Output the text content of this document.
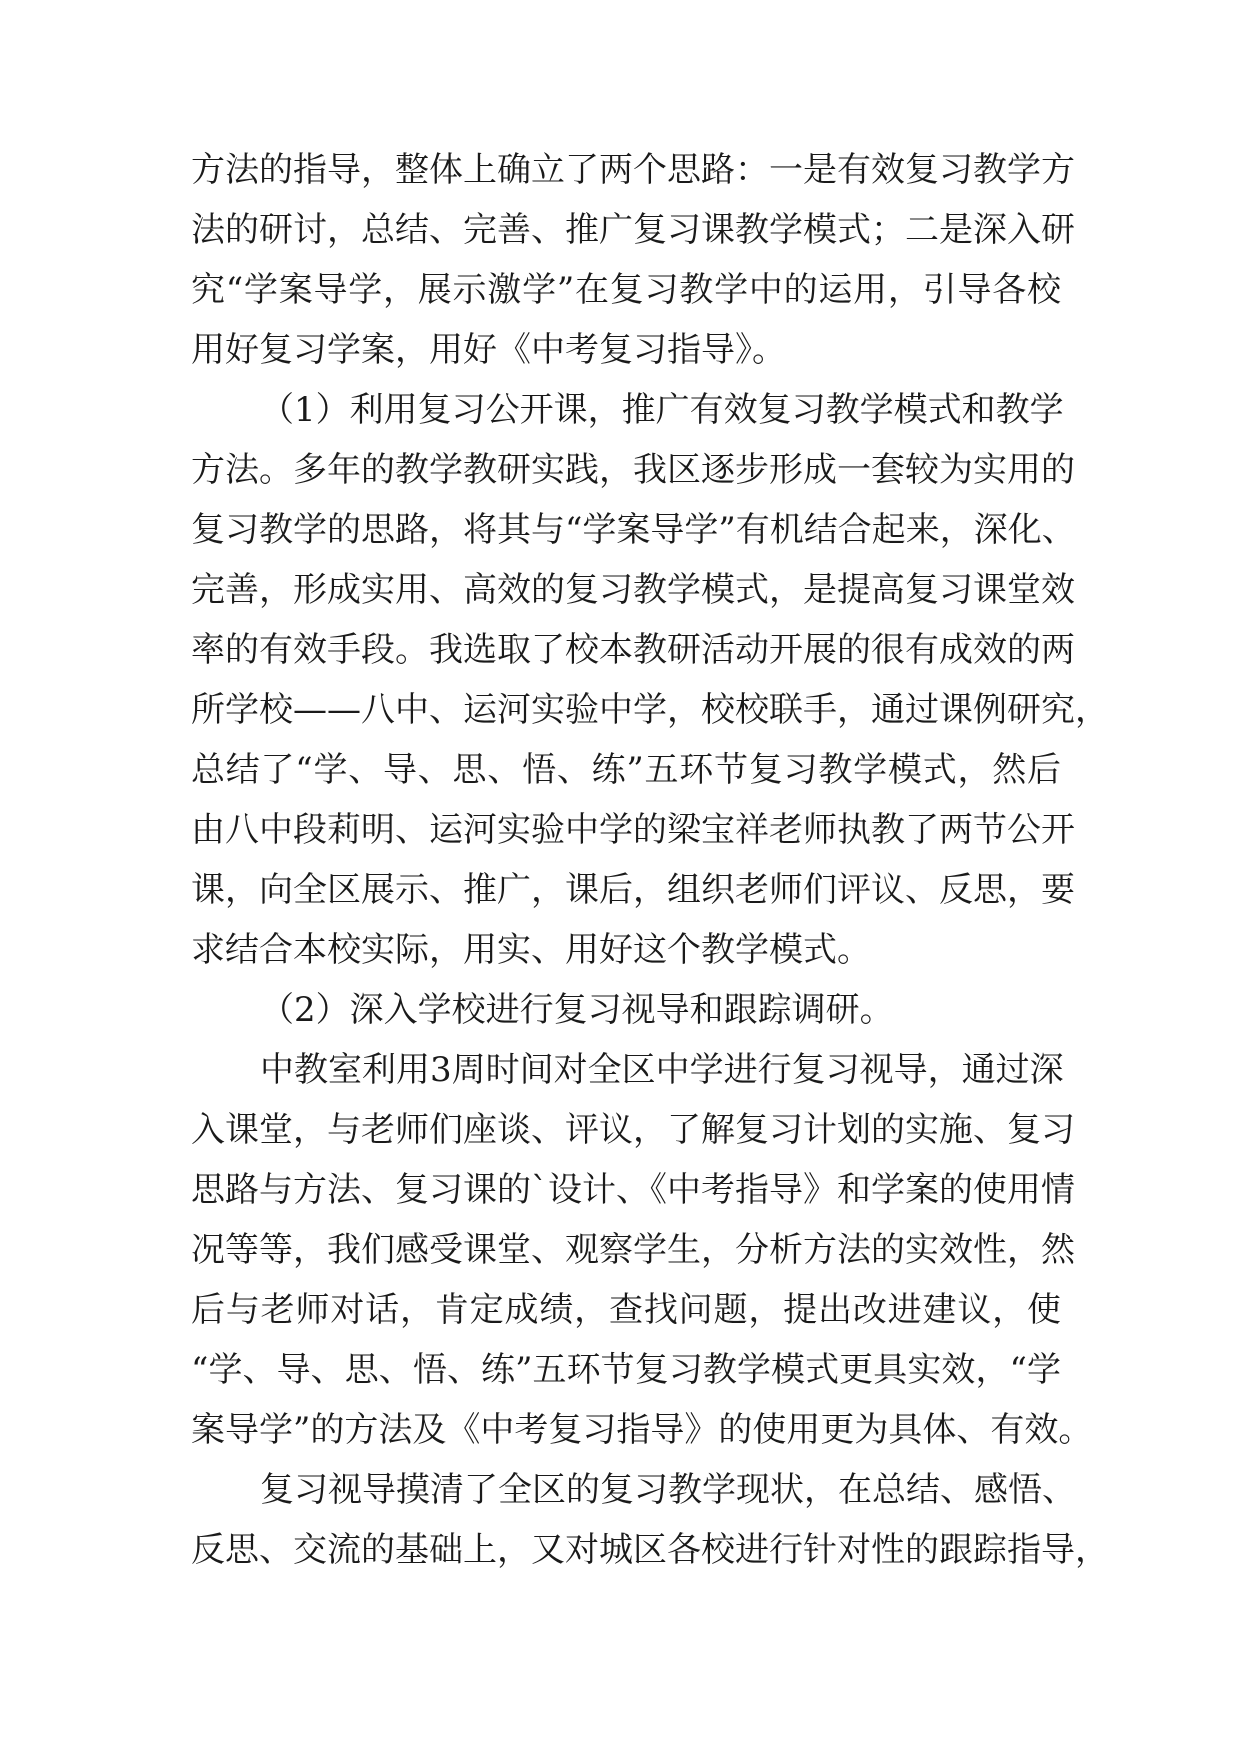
方法的指导，整体上确立了两个思路：一是有效复习教学方
法的研讨，总结、完善、推广复习课教学模式；二是深入研
究“学案导学，展示激学”在复习教学中的运用，引导各校
用好复习学案，用好《中考复习指导》。
（1）利用复习公开课，推广有效复习教学模式和教学
方法。多年的教学教研实践，我区逐步形成一套较为实用的
复习教学的思路，将其与“学案导学”有机结合起来，深化、
完善，形成实用、高效的复习教学模式，是提高复习课堂效
率的有效手段。我选取了校本教研活动开展的很有成效的两
所学校——八中、运河实验中学，校校联手，通过课例研究，
总结了“学、导、思、悟、练”五环节复习教学模式，然后
由八中段莉明、运河实验中学的梁宝祥老师执教了两节公开
课，向全区展示、推广，课后，组织老师们评议、反思，要
求结合本校实际，用实、用好这个教学模式。
（2）深入学校进行复习视导和跟踪调研。
中教室利用3周时间对全区中学进行复习视导，通过深
入课堂，与老师们座谈、评议，了解复习计划的实施、复习
思路与方法、复习课的`设计、《中考指导》和学案的使用情
况等等，我们感受课堂、观察学生，分析方法的实效性，然
后与老师对话，肯定成绩，查找问题，提出改进建议，使
“学、导、思、悟、练”五环节复习教学模式更具实效，“学
案导学”的方法及《中考复习指导》的使用更为具体、有效。
复习视导摸清了全区的复习教学现状，在总结、感悟、
反思、交流的基础上，又对城区各校进行针对性的跟踪指导，
